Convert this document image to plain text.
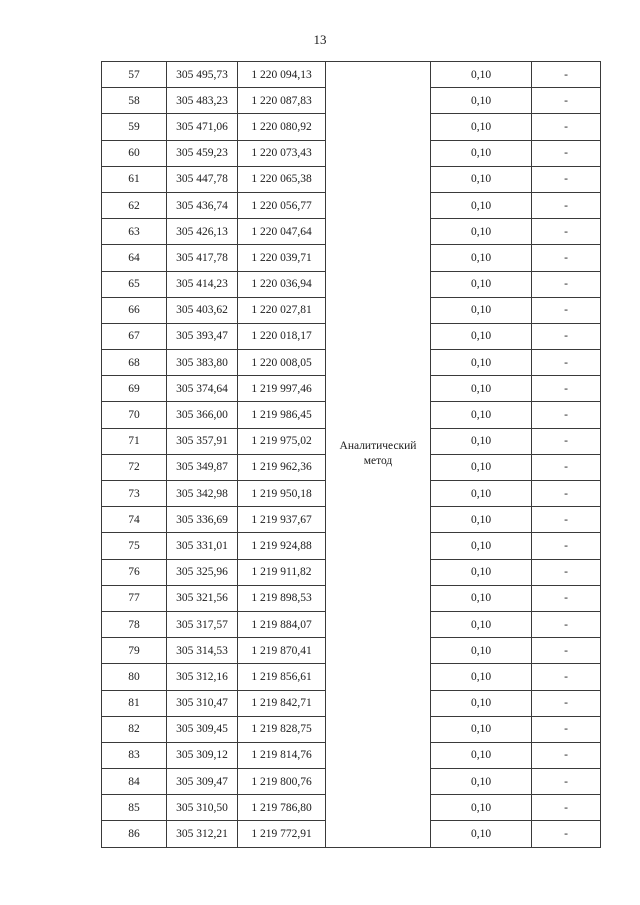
13
57	305 495,73	1 220 094,13	Аналитический метод	0,10	-
58	305 483,23	1 220 087,83		0,10	-
59	305 471,06	1 220 080,92		0,10	-
60	305 459,23	1 220 073,43		0,10	-
61	305 447,78	1 220 065,38		0,10	-
62	305 436,74	1 220 056,77		0,10	-
63	305 426,13	1 220 047,64		0,10	-
64	305 417,78	1 220 039,71		0,10	-
65	305 414,23	1 220 036,94		0,10	-
66	305 403,62	1 220 027,81		0,10	-
67	305 393,47	1 220 018,17		0,10	-
68	305 383,80	1 220 008,05		0,10	-
69	305 374,64	1 219 997,46		0,10	-
70	305 366,00	1 219 986,45		0,10	-
71	305 357,91	1 219 975,02		0,10	-
72	305 349,87	1 219 962,36		0,10	-
73	305 342,98	1 219 950,18		0,10	-
74	305 336,69	1 219 937,67		0,10	-
75	305 331,01	1 219 924,88		0,10	-
76	305 325,96	1 219 911,82		0,10	-
77	305 321,56	1 219 898,53		0,10	-
78	305 317,57	1 219 884,07		0,10	-
79	305 314,53	1 219 870,41		0,10	-
80	305 312,16	1 219 856,61		0,10	-
81	305 310,47	1 219 842,71		0,10	-
82	305 309,45	1 219 828,75		0,10	-
83	305 309,12	1 219 814,76		0,10	-
84	305 309,47	1 219 800,76		0,10	-
85	305 310,50	1 219 786,80		0,10	-
86	305 312,21	1 219 772,91		0,10	-
